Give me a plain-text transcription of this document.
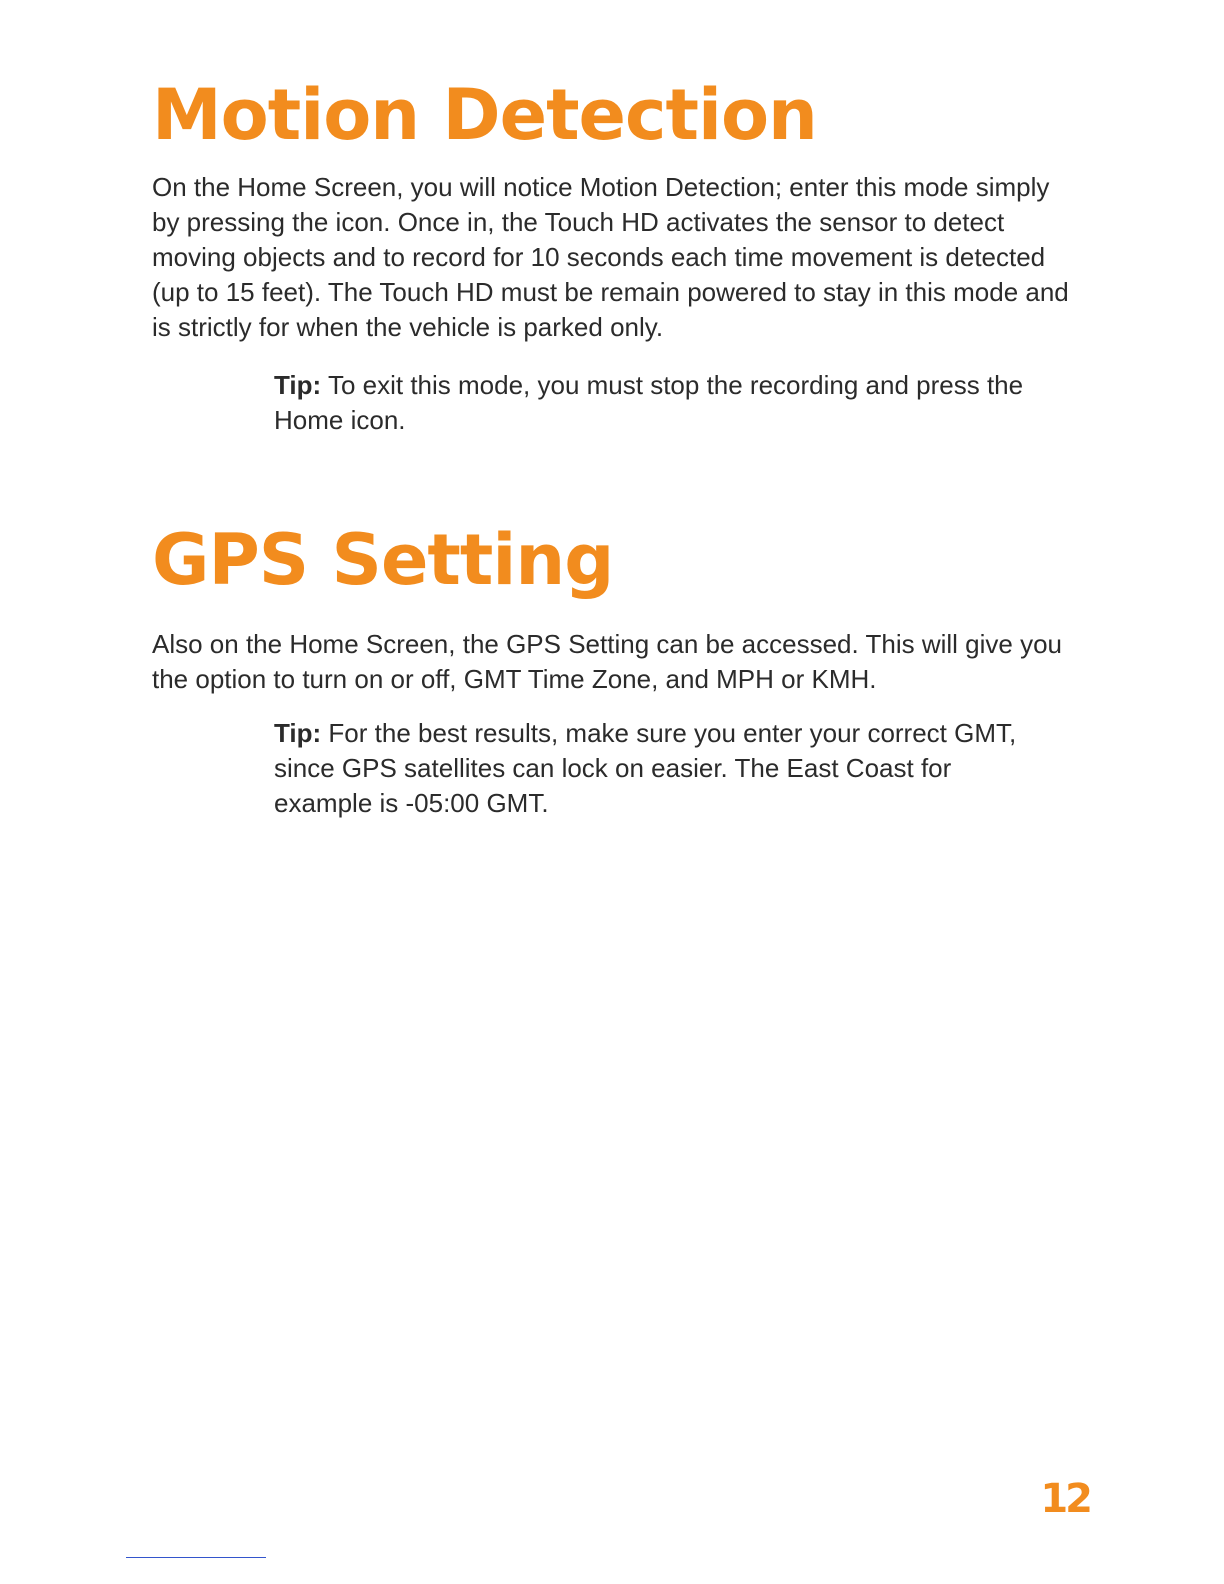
Motion Detection

On the Home Screen, you will notice Motion Detection; enter this mode simply by pressing the icon. Once in, the Touch HD activates the sensor to detect moving objects and to record for 10 seconds each time movement is detected (up to 15 feet). The Touch HD must be remain powered to stay in this mode and is strictly for when the vehicle is parked only.

Tip: To exit this mode, you must stop the recording and press the Home icon.

GPS Setting

Also on the Home Screen, the GPS Setting can be accessed. This will give you the option to turn on or off, GMT Time Zone, and MPH or KMH.

Tip: For the best results, make sure you enter your correct GMT, since GPS satellites can lock on easier. The East Coast for example is -05:00 GMT.

12
